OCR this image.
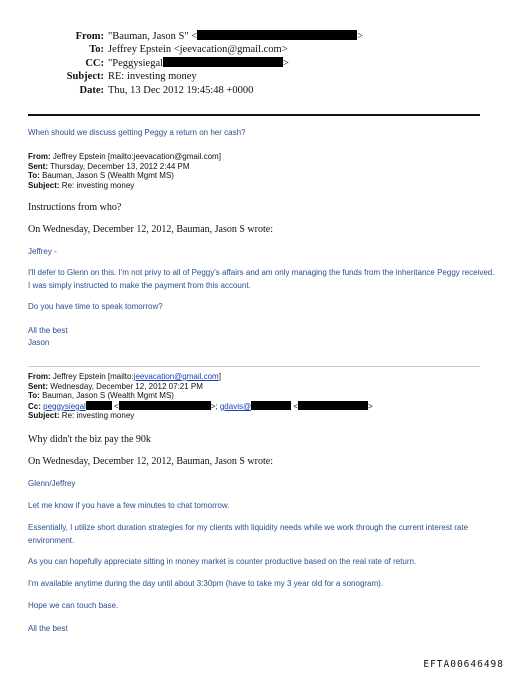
From: "Bauman, Jason S" <	>
To: Jeffrey Epstein <jeevacation@gmail.com>
CC: "Peggysiegal	>
Subject: RE: investing money
Date: Thu, 13 Dec 2012 19:45:48 +0000
When should we discuss getting Peggy a return on her cash?
From: Jeffrey Epstein [mailto:jeevacation@gmail.com]
Sent: Thursday, December 13, 2012 2:44 PM
To: Bauman, Jason S (Wealth Mgmt MS)
Subject: Re: investing money
Instructions from who?
On Wednesday, December 12, 2012, Bauman, Jason S wrote:
Jeffrey -
I'll defer to Glenn on this. I'm not privy to all of Peggy's affairs and am only managing the funds from the inheritance Peggy received. I was simply instructed to make the payment from this account.
Do you have time to speak tomorrow?
All the best
Jason
From: Jeffrey Epstein [mailto:jeevacation@gmail.com]
Sent: Wednesday, December 12, 2012 07:21 PM
To: Bauman, Jason S (Wealth Mgmt MS)
Cc: peggysiegal	<	>; gdavis@	<	>
Subject: Re: investing money
Why didn't the biz pay the 90k
On Wednesday, December 12, 2012, Bauman, Jason S wrote:
Glenn/Jeffrey
Let me know if you have a few minutes to chat tomorrow.
Essentially, I utilize short duration strategies for my clients with liquidity needs while we work through the current interest rate environment.
As you can hopefully appreciate sitting in money market is counter productive based on the real rate of return.
I'm available anytime during the day until about 3:30pm (have to take my 3 year old for a sonogram).
Hope we can touch base.
All the best
EFTA00646498
